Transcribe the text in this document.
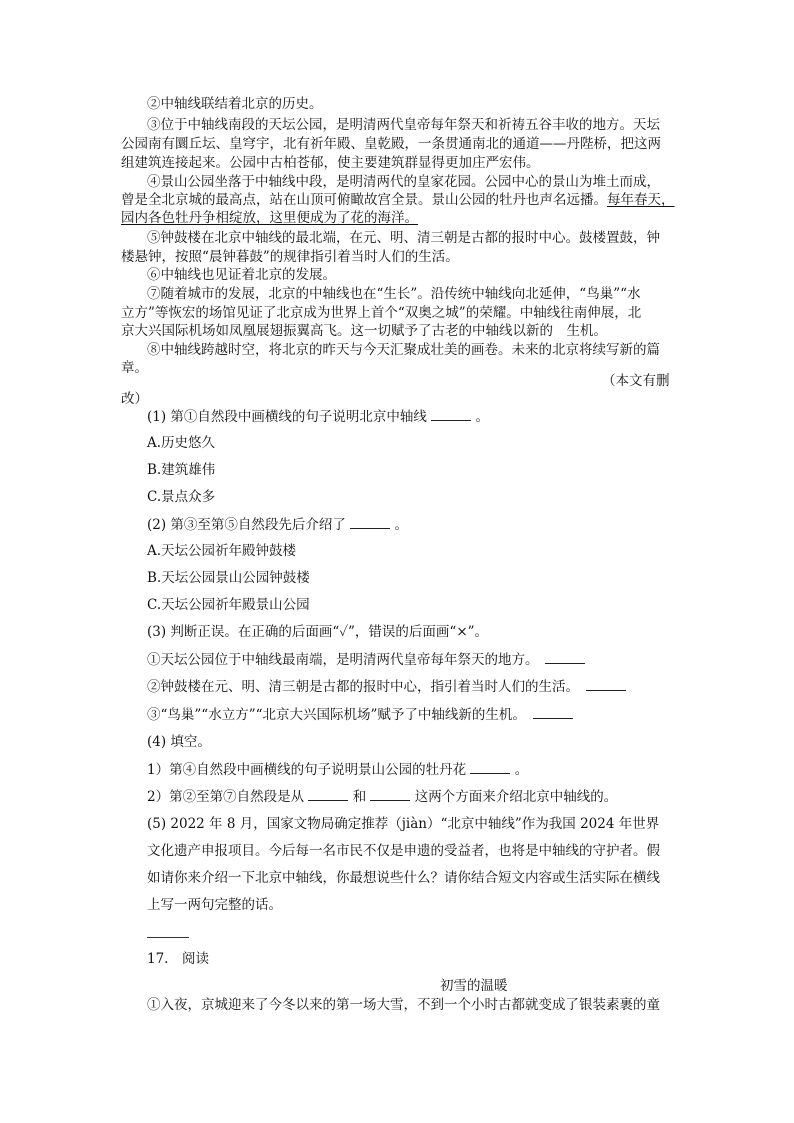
②中轴线联结着北京的历史。
③位于中轴线南段的天坛公园，是明清两代皇帝每年祭天和祈祷五谷丰收的地方。天坛
公园南有圜丘坛、皇穹宇，北有祈年殿、皇乾殿，一条贯通南北的通道——丹陛桥，把这两
组建筑连接起来。公园中古柏苍郁，使主要建筑群显得更加庄严宏伟。
④景山公园坐落于中轴线中段，是明清两代的皇家花园。公园中心的景山为堆土而成，
曾是全北京城的最高点，站在山顶可俯瞰故宫全景。景山公园的牡丹也声名远播。每年春天，
园内各色牡丹争相绽放，这里便成为了花的海洋。
⑤钟鼓楼在北京中轴线的最北端，在元、明、清三朝是古都的报时中心。鼓楼置鼓，钟
楼悬钟，按照“晨钟暮鼓”的规律指引着当时人们的生活。
⑥中轴线也见证着北京的发展。
⑦随着城市的发展，北京的中轴线也在“生长”。沿传统中轴线向北延伸，“鸟巢”“水
立方”等恢宏的场馆见证了北京成为世界上首个“双奥之城”的荣耀。中轴线往南伸展，北
京大兴国际机场如凤凰展翅振翼高飞。这一切赋予了古老的中轴线以新的　生机。
⑧中轴线跨越时空，将北京的昨天与今天汇聚成壮美的画卷。未来的北京将续写新的篇
章。
（本文有删
改）
(1) 第①自然段中画横线的句子说明北京中轴线	。
A.历史悠久
B.建筑雄伟
C.景点众多
(2) 第③至第⑤自然段先后介绍了	。
A.天坛公园祈年殿钟鼓楼
B.天坛公园景山公园钟鼓楼
C.天坛公园祈年殿景山公园
(3) 判断正误。在正确的后面画“✓”，错误的后面画“×”。
①天坛公园位于中轴线最南端，是明清两代皇帝每年祭天的地方。　
②钟鼓楼在元、明、清三朝是古都的报时中心，指引着当时人们的生活。　
③“鸟巢”“水立方”“北京大兴国际机场”赋予了中轴线新的生机。　
(4) 填空。
1）第④自然段中画横线的句子说明景山公园的牡丹花	。
2）第②至第⑦自然段是从	和	这两个方面来介绍北京中轴线的。
(5) 2022 年 8 月，国家文物局确定推荐（jiàn）“北京中轴线”作为我国 2024 年世界
文化遗产申报项目。今后每一名市民不仅是申遗的受益者，也将是中轴线的守护者。假
如请你来介绍一下北京中轴线，你最想说些什么？请你结合短文内容或生活实际在横线
上写一两句完整的话。
17.　阅读
初雪的温暖
①入夜，京城迎来了今冬以来的第一场大雪，不到一个小时古都就变成了银装素裹的童
